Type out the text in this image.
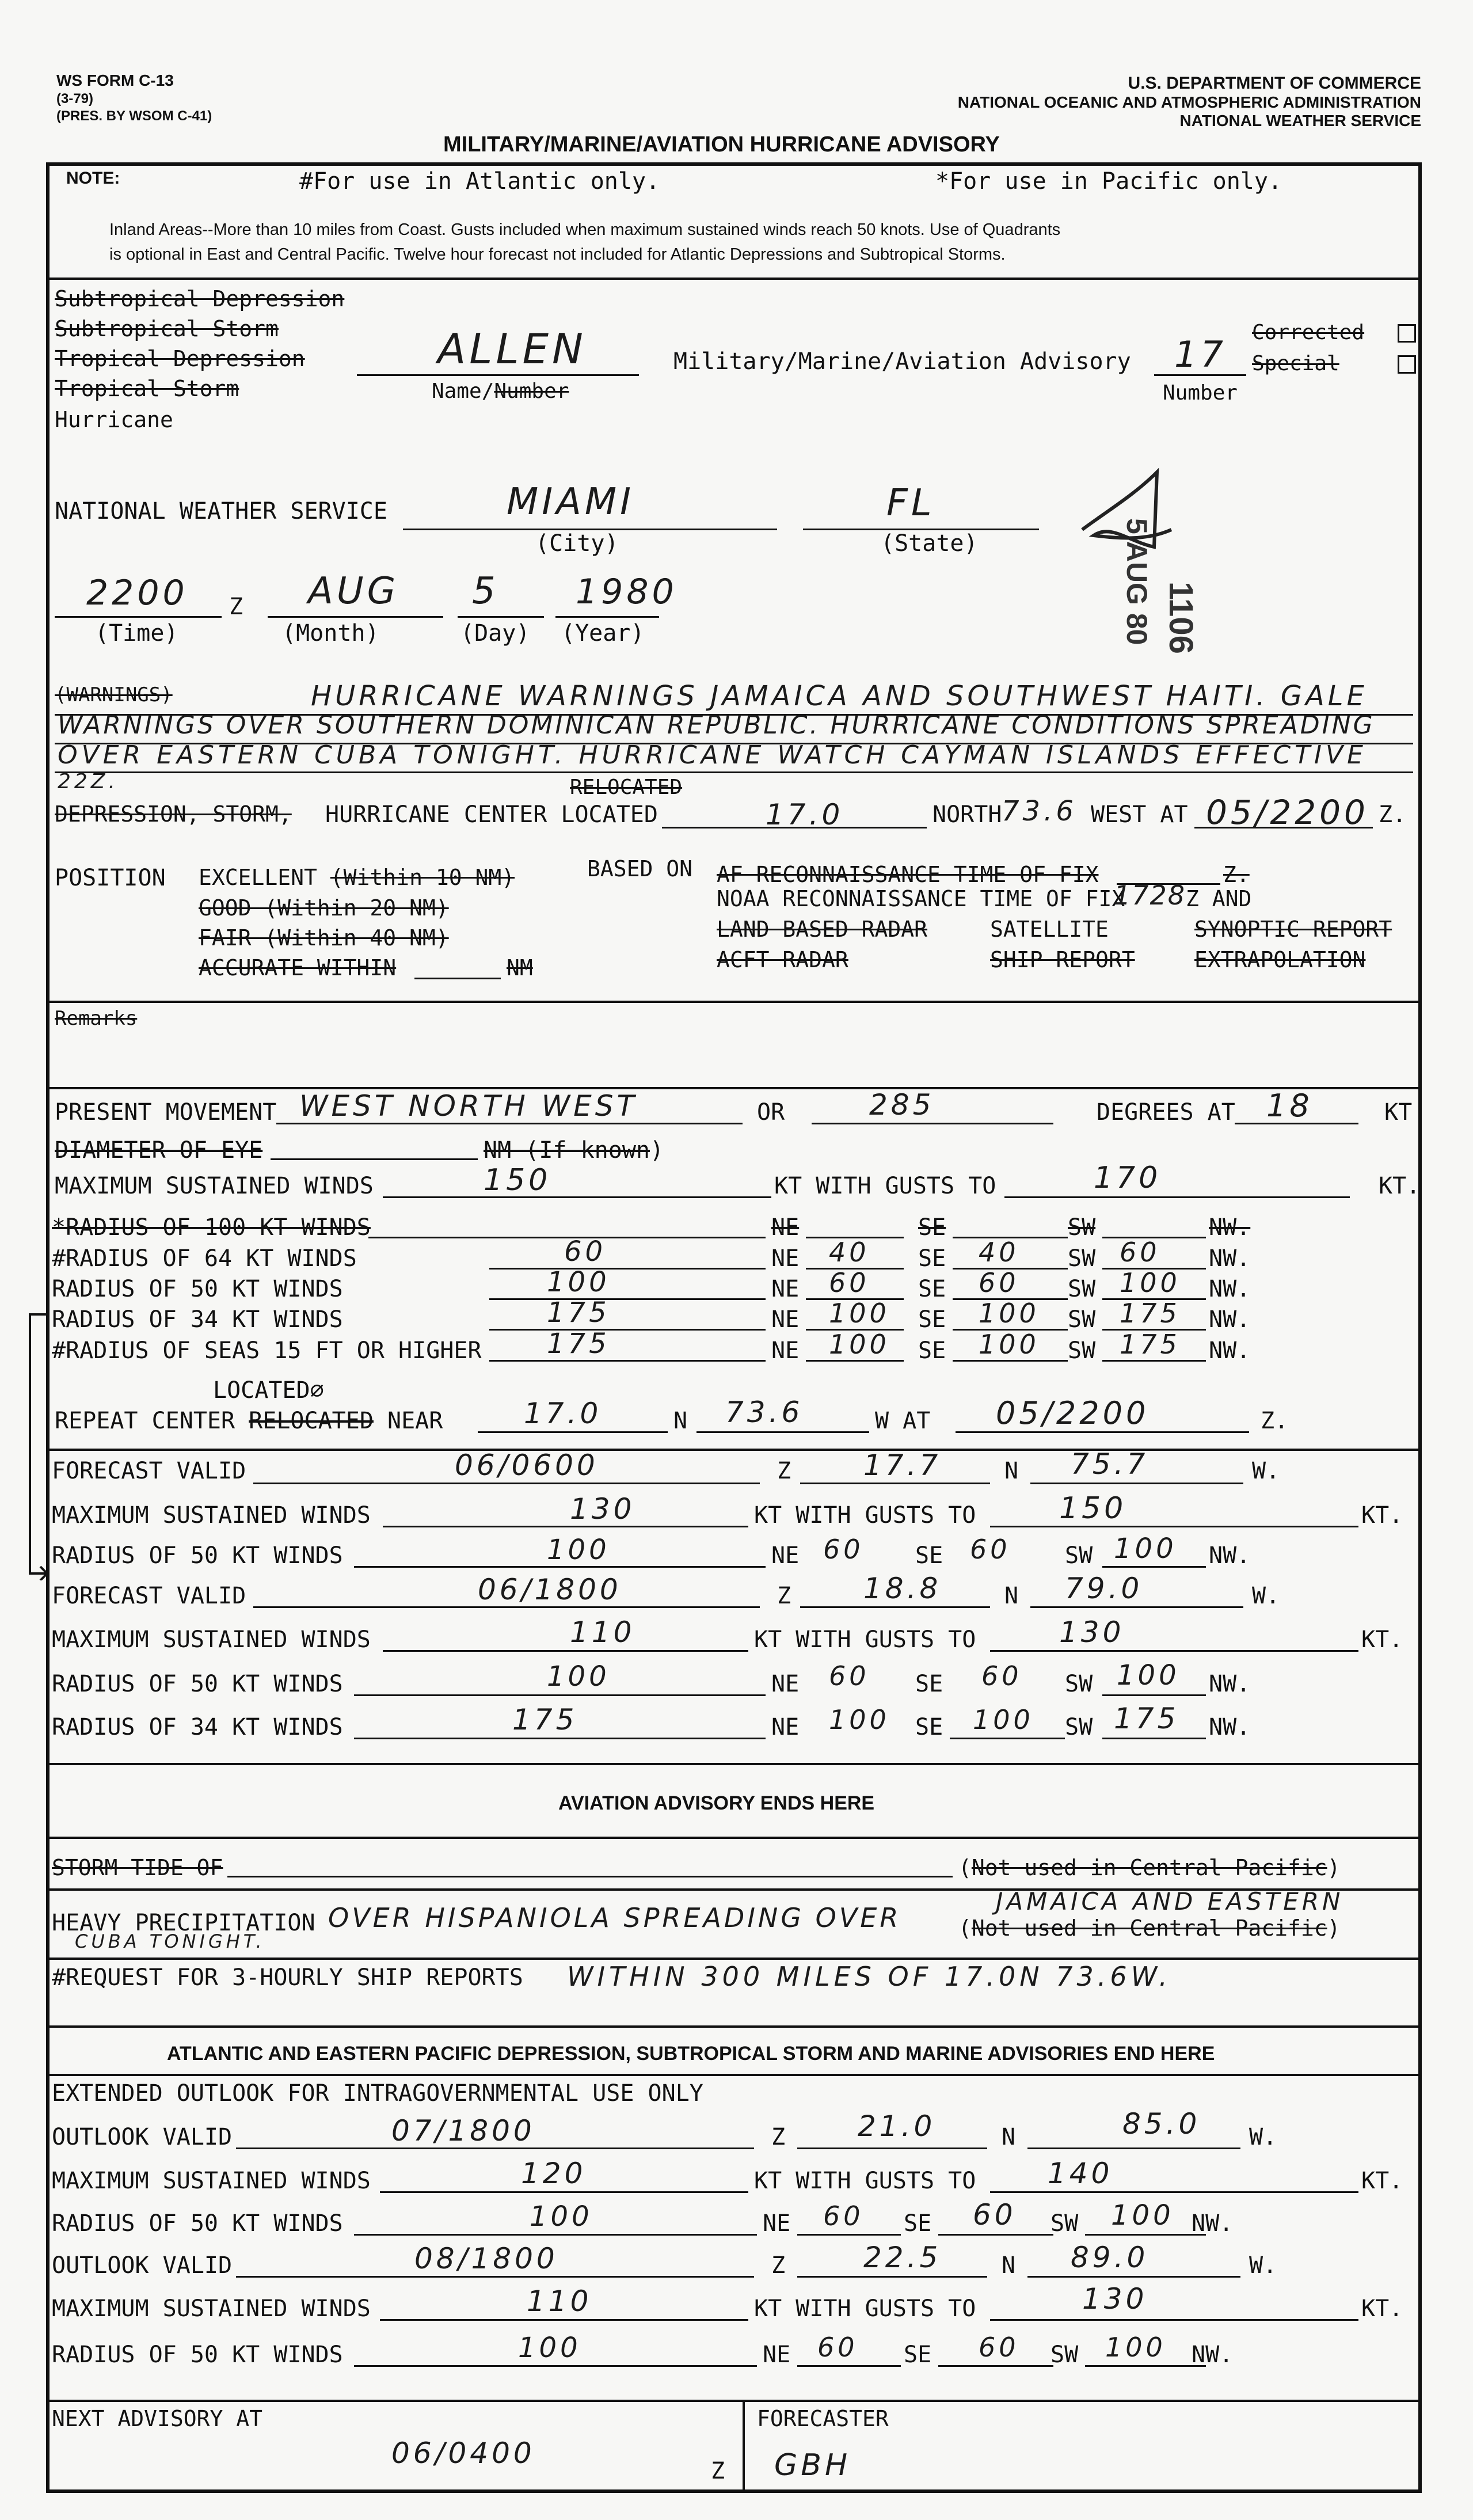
WS FORM C-13
(3-79)
(PRES. BY WSOM C-41)
U.S. DEPARTMENT OF COMMERCE
NATIONAL OCEANIC AND ATMOSPHERIC ADMINISTRATION
NATIONAL WEATHER SERVICE
MILITARY/MARINE/AVIATION HURRICANE ADVISORY
NOTE:	#For use in Atlantic only.	*For use in Pacific only.
Inland Areas--More than 10 miles from Coast. Gusts included when maximum sustained winds reach 50 knots. Use of Quadrants
is optional in East and Central Pacific. Twelve hour forecast not included for Atlantic Depressions and Subtropical Storms.
Subtropical Depression
Subtropical Storm
Tropical Depression
Tropical Storm
Hurricane
ALLEN
Name/Number
Military/Marine/Aviation Advisory 17
Number
Corrected
Special
NATIONAL WEATHER SERVICE	MIAMI
(City)
FL
(State)	5 AUG 80 1106
2200 Z
(Time)
AUG
(Month)
5
(Day)
1980
(Year)
(WARNINGS)	HURRICANE WARNINGS JAMAICA AND SOUTHWEST HAITI. GALE
WARNINGS OVER SOUTHERN DOMINICAN REPUBLIC. HURRICANE CONDITIONS SPREADING
OVER EASTERN CUBA TONIGHT. HURRICANE WATCH CAYMAN ISLANDS EFFECTIVE
22Z.
DEPRESSION, STORM, HURRICANE CENTER LOCATED
RELOCATED
17.0	NORTH 73.6 WEST AT 05/2200 Z.
POSITION EXCELLENT (Within 10 NM)
GOOD (Within 20 NM)
FAIR (Within 40 NM)
ACCURATE WITHIN	NM
BASED ON AF RECONNAISSANCE TIME OF FIX	Z.
NOAA RECONNAISSANCE TIME OF FIX
1728 Z AND
LAND BASED RADAR	SATELLITE	SYNOPTIC REPORT
ACFT RADAR	SHIP REPORT	EXTRAPOLATION
Remarks
PRESENT MOVEMENT WEST NORTH WEST	OR	285	DEGREES AT 18	KT
DIAMETER OF EYE	NM (If known)
MAXIMUM SUSTAINED WINDS	150	KT WITH GUSTS TO	170	KT.
*RADIUS OF 100 KT WINDS	NE	SE	SW	NW.
#RADIUS OF 64 KT WINDS	60	NE 40 SE 40 SW 60 NW.
RADIUS OF 50 KT WINDS	100	NE 60 SE 60 SW 100 NW.
RADIUS OF 34 KT WINDS	175	NE 100 SE 100 SW 175 NW.
#RADIUS OF SEAS 15 FT OR HIGHER 175	NE 100 SE 100 SW 175 NW.
LOCATED⌀
REPEAT CENTER RELOCATED NEAR	17.0	N 73.6	W AT 05/2200	Z.
FORECAST VALID	06/0600	Z	17.7	N 75.7	W.
MAXIMUM SUSTAINED WINDS	130	KT WITH GUSTS TO	150	KT.
RADIUS OF 50 KT WINDS	100	NE 60 SE 60 SW 100 NW.
FORECAST VALID	06/1800	Z	18.8	N 79.0	W.
MAXIMUM SUSTAINED WINDS	110	KT WITH GUSTS TO	130	KT.
RADIUS OF 50 KT WINDS	100	NE 60 SE 60 SW 100 NW.
RADIUS OF 34 KT WINDS	175	NE 100 SE 100 SW 175 NW.
AVIATION ADVISORY ENDS HERE
STORM TIDE OF	(Not used in Central Pacific)
HEAVY PRECIPITATION OVER HISPANIOLA SPREADING OVER
JAMAICA AND EASTERN
(Not used in Central Pacific)
CUBA TONIGHT.
#REQUEST FOR 3-HOURLY SHIP REPORTS WITHIN 300 MILES OF 17.0N 73.6W.
ATLANTIC AND EASTERN PACIFIC DEPRESSION, SUBTROPICAL STORM AND MARINE ADVISORIES END HERE
EXTENDED OUTLOOK FOR INTRAGOVERNMENTAL USE ONLY
OUTLOOK VALID	07/1800	Z	21.0	N	85.0 W.
MAXIMUM SUSTAINED WINDS	120	KT WITH GUSTS TO 140	KT.
RADIUS OF 50 KT WINDS	100	NE 60 SE 60 SW 100 NW.
OUTLOOK VALID	08/1800	Z	22.5	N 89.0	W.
MAXIMUM SUSTAINED WINDS	110	KT WITH GUSTS TO	130	KT.
RADIUS OF 50 KT WINDS	100	NE 60 SE 60 SW 100 NW.
NEXT ADVISORY AT
06/0400
Z
FORECASTER
GBH
